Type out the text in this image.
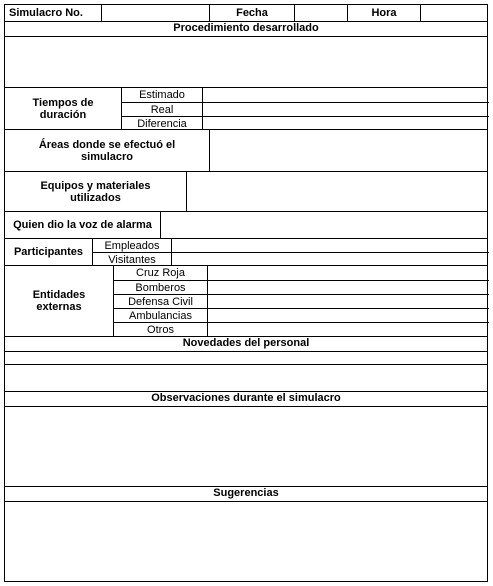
Simulacro No.	Fecha	Hora
Procedimiento desarrollado
Tiempos de duración
Estimado
Real
Diferencia
Áreas donde se efectuó el simulacro
Equipos y materiales utilizados
Quien dio la voz de alarma
Participantes
Empleados
Visitantes
Entidades externas
Cruz Roja
Bomberos
Defensa Civil
Ambulancias
Otros
Novedades del personal
Observaciones durante el simulacro
Sugerencias
